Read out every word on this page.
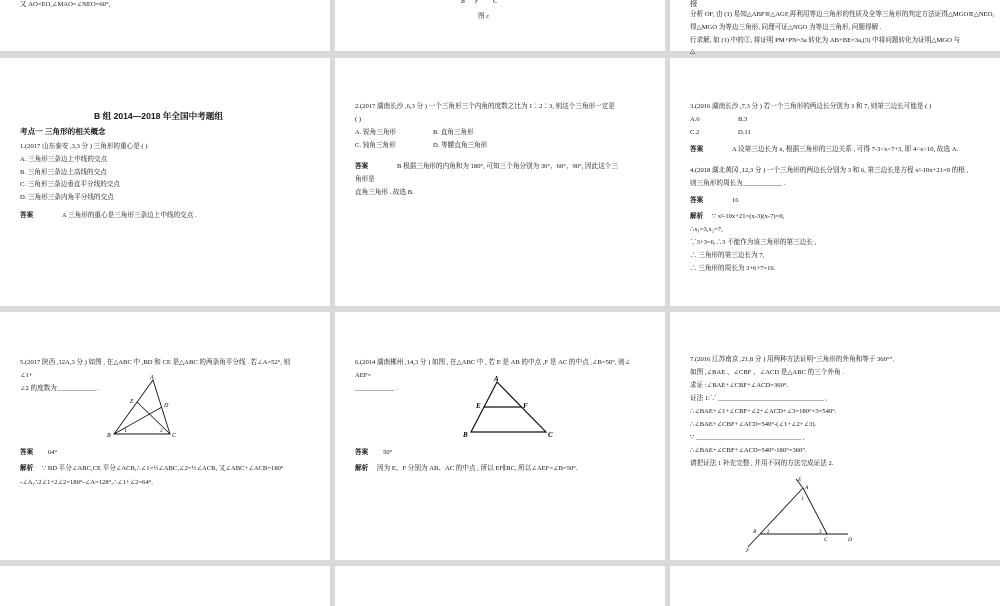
又 AO=EO,∠MAO=∠NEO=60°,	B F C
图 c
接
分析 OF, 由 (1) 易知△ABF≌△AGF,再利用等边三角形的性质及全等三角形的判定方法证得△MGO≌△NEO,
得△MGO 为等边三角形, 同理可证△NGO 为等边三角形, 问题得解 .
行求解, 如 (1) 中的②, 将证明 PM+PN=3a 转化为 AB+BE=3a,(3) 中将问题转化为证明△MGO 与
△
B 组 2014—2018 年全国中考题组
考点一 三角形的相关概念
1.(2017 山东泰安 ,3,3 分 ) 三角形的重心是 ( )
A. 三角形三条边上中线的交点
B. 三角形三条边上高线的交点
C. 三角形三条边垂直平分线的交点
D. 三角形三条内角平分线的交点
答案	A 三角形的重心是三角形三条边上中线的交点 .
2.(2017 湖南长沙 ,6,3 分 ) 一个三角形三个内角的度数之比为 1∶2∶3, 则这个三角形一定是
( )
A. 锐角三角形	B. 直角三角形
C. 钝角三角形	D. 等腰直角三角形
答案	B 根据三角形的内角和为 180°, 可知三个角分别为 30°、60°、90°, 因此这个三
角形是
直角三角形 . 故选 B.
3.(2016 湖南长沙 ,7,3 分 ) 若一个三角形的两边长分别为 3 和 7, 则第三边长可能是 ( )
A.6	B.3
C.2	D.11
答案	A 设第三边长为 x, 根据三角形的三边关系 , 可得 7-3<x<7+3, 即 4<x<10, 故选 A.
4.(2018 湖北黄冈 ,12,3 分 ) 一个三角形的两边长分别为 3 和 6, 第三边长是方程 x²-10x+21=0 的根 ,
则三角形的周长为____________ .
答案	16
解析 ∵ x²-10x+21=(x-3)(x-7)=0,
∴x₁=3,x₂=7,
∵3+3=6,∴3 不能作为该三角形的第三边长 ,
∴ 三角形的第三边长为 7,
∴ 三角形的周长为 3+6+7=16.
5.(2017 陕西 ,12A,3 分 ) 如图 , 在△ABC 中 ,BD 和 CE 是△ABC 的两条角平分线 . 若∠A=52°, 则
∠1+
∠2 的度数为____________ .
A
B	C
D
E
1	2
答案 64°
解析 ∵ BD 平分∠ABC,CE 平分∠ACB,∴∠1=½∠ABC,∠2=½∠ACB, 又∠ABC+∠ACB=180°
-∠A,∴2∠1+2∠2=180°-∠A=128°,∴∠1+∠2=64°.
6.(2014 湖南郴州 ,14,3 分 ) 如图 , 在△ABC 中 , 若 E 是 AB 的中点 ,F 是 AC 的中点 ,∠B=50°, 则∠
AEF=
____________ .
A
B	C
E	F
答案 50°
解析 因为 E、F 分别为 AB、AC 的中点 , 所以 EF∥BC, 所以∠AEF=∠B=50°.
7.(2016 江苏南京 ,21,8 分 ) 用两种方法证明“三角形的外角和等于 360°”.
如图 ,∠BAE 、∠CBF 、∠ACD 是△ABC 的三个外角 .
求证 :∠BAE+∠CBF+∠ACD=360°.
证法 1:∵ ________________________________ ,
∴∠BAE+∠1+∠CBF+∠2+∠ACD+∠3=180°×3=540°.
∴∠BAE+∠CBF+∠ACD=540°-(∠1+∠2+∠3).
∵ ________________________________ ,
∴∠BAE+∠CBF+∠ACD=540°-180°=360°.
请把证法 1 补充完整 , 并用不同的方法完成证法 2.
A
B
C	D
E
F
1
2	3
